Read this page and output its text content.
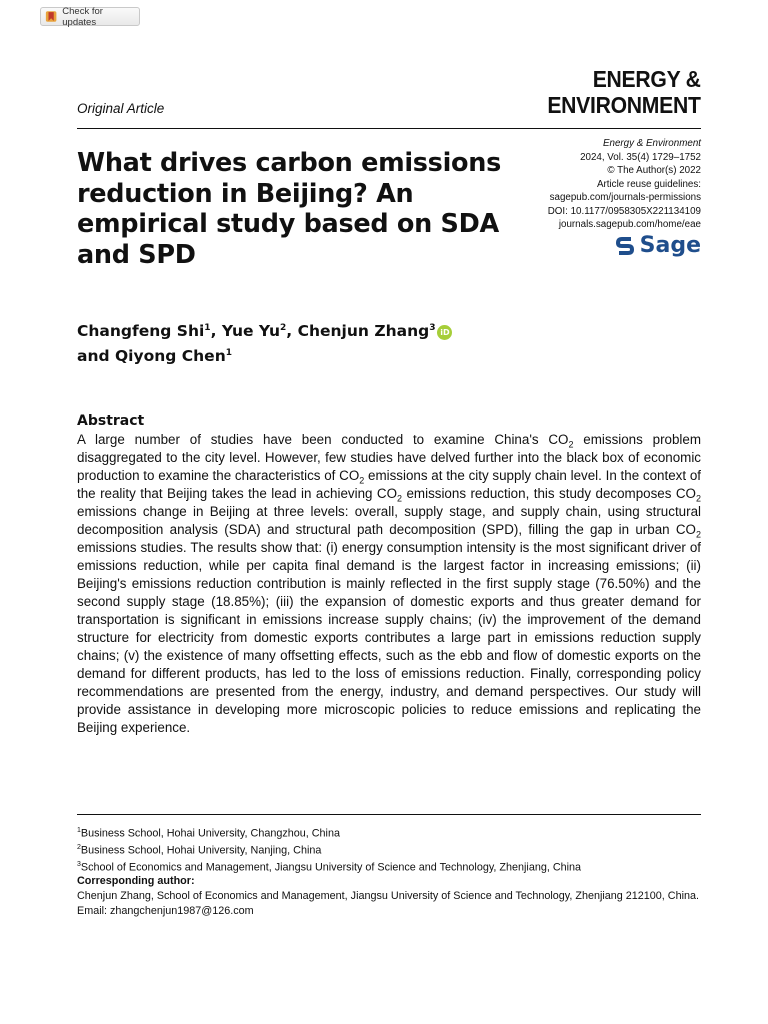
Check for updates
ENERGY &
ENVIRONMENT
Original Article
What drives carbon emissions reduction in Beijing? An empirical study based on SDA and SPD
Energy & Environment
2024, Vol. 35(4) 1729–1752
© The Author(s) 2022
Article reuse guidelines:
sagepub.com/journals-permissions
DOI: 10.1177/0958305X221134109
journals.sagepub.com/home/eae
Sage
Changfeng Shi$^1$, Yue Yu$^2$, Chenjun Zhang$^3$ iD
and Qiyong Chen$^1$
Abstract

A large number of studies have been conducted to examine China's $CO_2$ emissions problem disaggregated to the city level. However, few studies have delved further into the black box of economic production to examine the characteristics of $CO_2$ emissions at the city supply chain level. In the context of the reality that Beijing takes the lead in achieving $CO_2$ emissions reduction, this study decomposes $CO_2$ emissions change in Beijing at three levels: overall, supply stage, and supply chain, using structural decomposition analysis (SDA) and structural path decomposition (SPD), filling the gap in urban $CO_2$ emissions studies. The results show that: (i) energy consumption intensity is the most significant driver of emissions reduction, while per capita final demand is the largest factor in increasing emissions; (ii) Beijing's emissions reduction contribution is mainly reflected in the first supply stage (76.50%) and the second supply stage (18.85%); (iii) the expansion of domestic exports and thus greater demand for transportation is significant in emissions increase supply chains; (iv) the improvement of the demand structure for electricity from domestic exports contributes a large part in emissions reduction supply chains; (v) the existence of many offsetting effects, such as the ebb and flow of domestic exports on the demand for different products, has led to the loss of emissions reduction. Finally, corresponding policy recommendations are presented from the energy, industry, and demand perspectives. Our study will provide assistance in developing more microscopic policies to reduce emissions and replicating the Beijing experience.

$^1$Business School, Hohai University, Changzhou, China
$^2$Business School, Hohai University, Nanjing, China
$^3$School of Economics and Management, Jiangsu University of Science and Technology, Zhenjiang, China
Corresponding author:
Chenjun Zhang, School of Economics and Management, Jiangsu University of Science and Technology, Zhenjiang 212100, China.
Email: zhangchenjun1987@126.com
